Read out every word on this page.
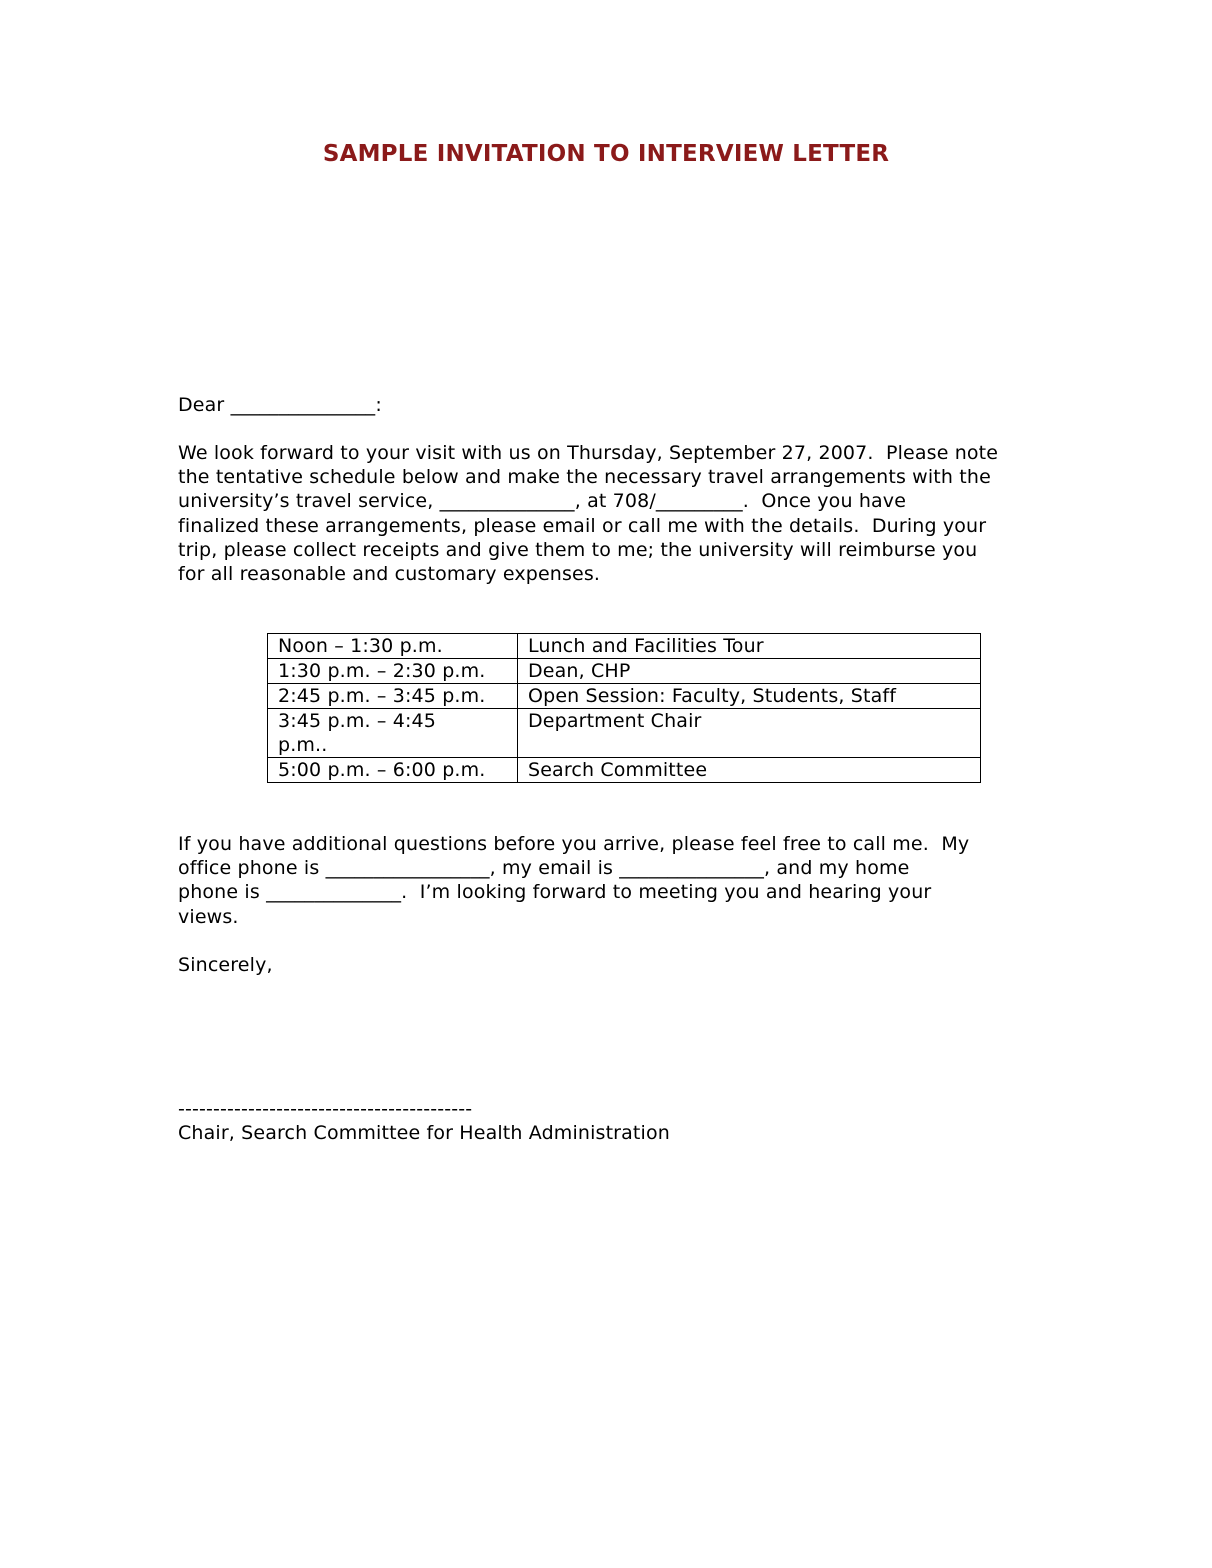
SAMPLE INVITATION TO INTERVIEW LETTER
Dear _______________:
We look forward to your visit with us on Thursday, September 27, 2007.  Please note
the tentative schedule below and make the necessary travel arrangements with the
university’s travel service, ______________, at 708/_________.  Once you have
finalized these arrangements, please email or call me with the details.  During your
trip, please collect receipts and give them to me; the university will reimburse you
for all reasonable and customary expenses.
Noon – 1:30 p.m.	Lunch and Facilities Tour
1:30 p.m. – 2:30 p.m.	Dean, CHP
2:45 p.m. – 3:45 p.m.	Open Session: Faculty, Students, Staff
3:45 p.m. – 4:45
p.m..	Department Chair
5:00 p.m. – 6:00 p.m.	Search Committee
If you have additional questions before you arrive, please feel free to call me.  My
office phone is _________________, my email is _______________, and my home
phone is ______________.  I’m looking forward to meeting you and hearing your
views.
Sincerely,
------------------------------------------
Chair, Search Committee for Health Administration
